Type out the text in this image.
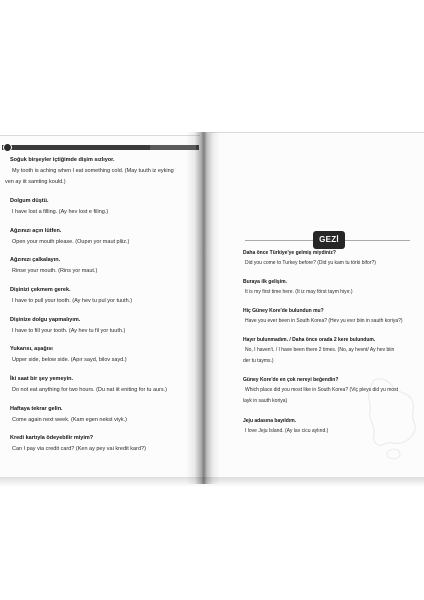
Soğuk birşeyler içtiğimde dişim sızlıyor.
My tooth is aching when I eat something cold. (May tuuth iz eyking
ven ay iit samting kould.)
Dolgum düştü.
I have lost a filling. (Ay hev lost e filing.)
Ağzınızı açın lütfen.
Open your mouth please. (Oupın yor maut pliiz.)
Ağzınızı çalkalayın.
Rinse your mouth. (Rins yor maut.)
Dişinizi çekmem gerek.
I have to pull your tooth. (Ay hev tu pul yor tuuth.)
Dişinize dolgu yapmalıyım.
I have to fill your tooth. (Ay hev tu fil yor tuuth.)
Yukarısı, aşağısı
Upper side, below side. (Apır sayd, bilov sayd.)
İki saat bir şey yemeyin.
Do not eat anything for two hours. (Du nat iit eniting for tu aurs.)
Haftaya tekrar gelin.
Come again next week. (Kam egen nekst viyk.)
Kredi kartıyla ödeyebilir miyim?
Can I pay via credit card? (Ken ay pey vai kredit kard?)
GEZİ
Daha önce Türkiye'ye gelmiş miydiniz?
Did you come to Turkey before? (Did yu kam tu törki bifor?)
Buraya ilk gelişim.
It is my first time here. (It iz may först taym hiyır.)
Hiç Güney Kore'de bulundun mu?
Have you ever been in South Korea? (Hev yu evır biin in sauth koriya?)
Hayır bulunmadım. / Daha önce orada 2 kere bulundum.
No, I haven't. / I have been there 2 times. (No, ay hevnt/ Ay hev biin
der tu tayms.)
Güney Kore'de en çok nereyi beğendin?
Which place did you most like in South Korea? (Viç pleys did yu most
layk in sauth koriya)
Jeju adasına bayıldım.
I love Jeju Island. (Ay lav cicu aylınd.)
